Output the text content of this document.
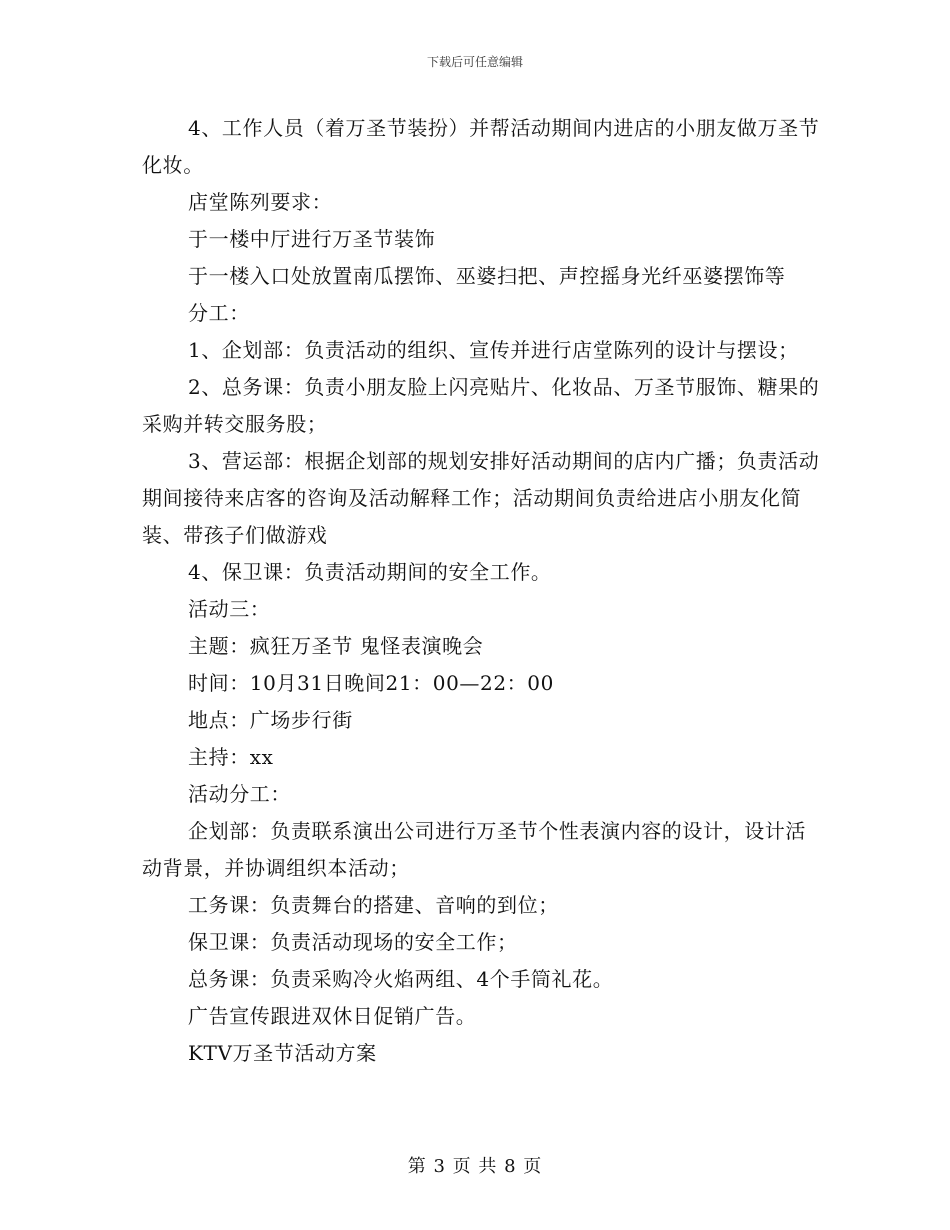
下载后可任意编辑

4、工作人员（着万圣节装扮）并帮活动期间内进店的小朋友做万圣节化妆。

店堂陈列要求：

于一楼中厅进行万圣节装饰

于一楼入口处放置南瓜摆饰、巫婆扫把、声控摇身光纤巫婆摆饰等

分工：

1、企划部：负责活动的组织、宣传并进行店堂陈列的设计与摆设；

2、总务课：负责小朋友脸上闪亮贴片、化妆品、万圣节服饰、糖果的采购并转交服务股；

3、营运部：根据企划部的规划安排好活动期间的店内广播；负责活动期间接待来店客的咨询及活动解释工作；活动期间负责给进店小朋友化简装、带孩子们做游戏

4、保卫课：负责活动期间的安全工作。

活动三：

主题：疯狂万圣节 鬼怪表演晚会

时间：10月31日晚间21：00—22：00

地点：广场步行街

主持：xx

活动分工：

企划部：负责联系演出公司进行万圣节个性表演内容的设计，设计活动背景，并协调组织本活动；

工务课：负责舞台的搭建、音响的到位；

保卫课：负责活动现场的安全工作；

总务课：负责采购冷火焰两组、4个手筒礼花。

广告宣传跟进双休日促销广告。

KTV万圣节活动方案

第 3 页 共 8 页
